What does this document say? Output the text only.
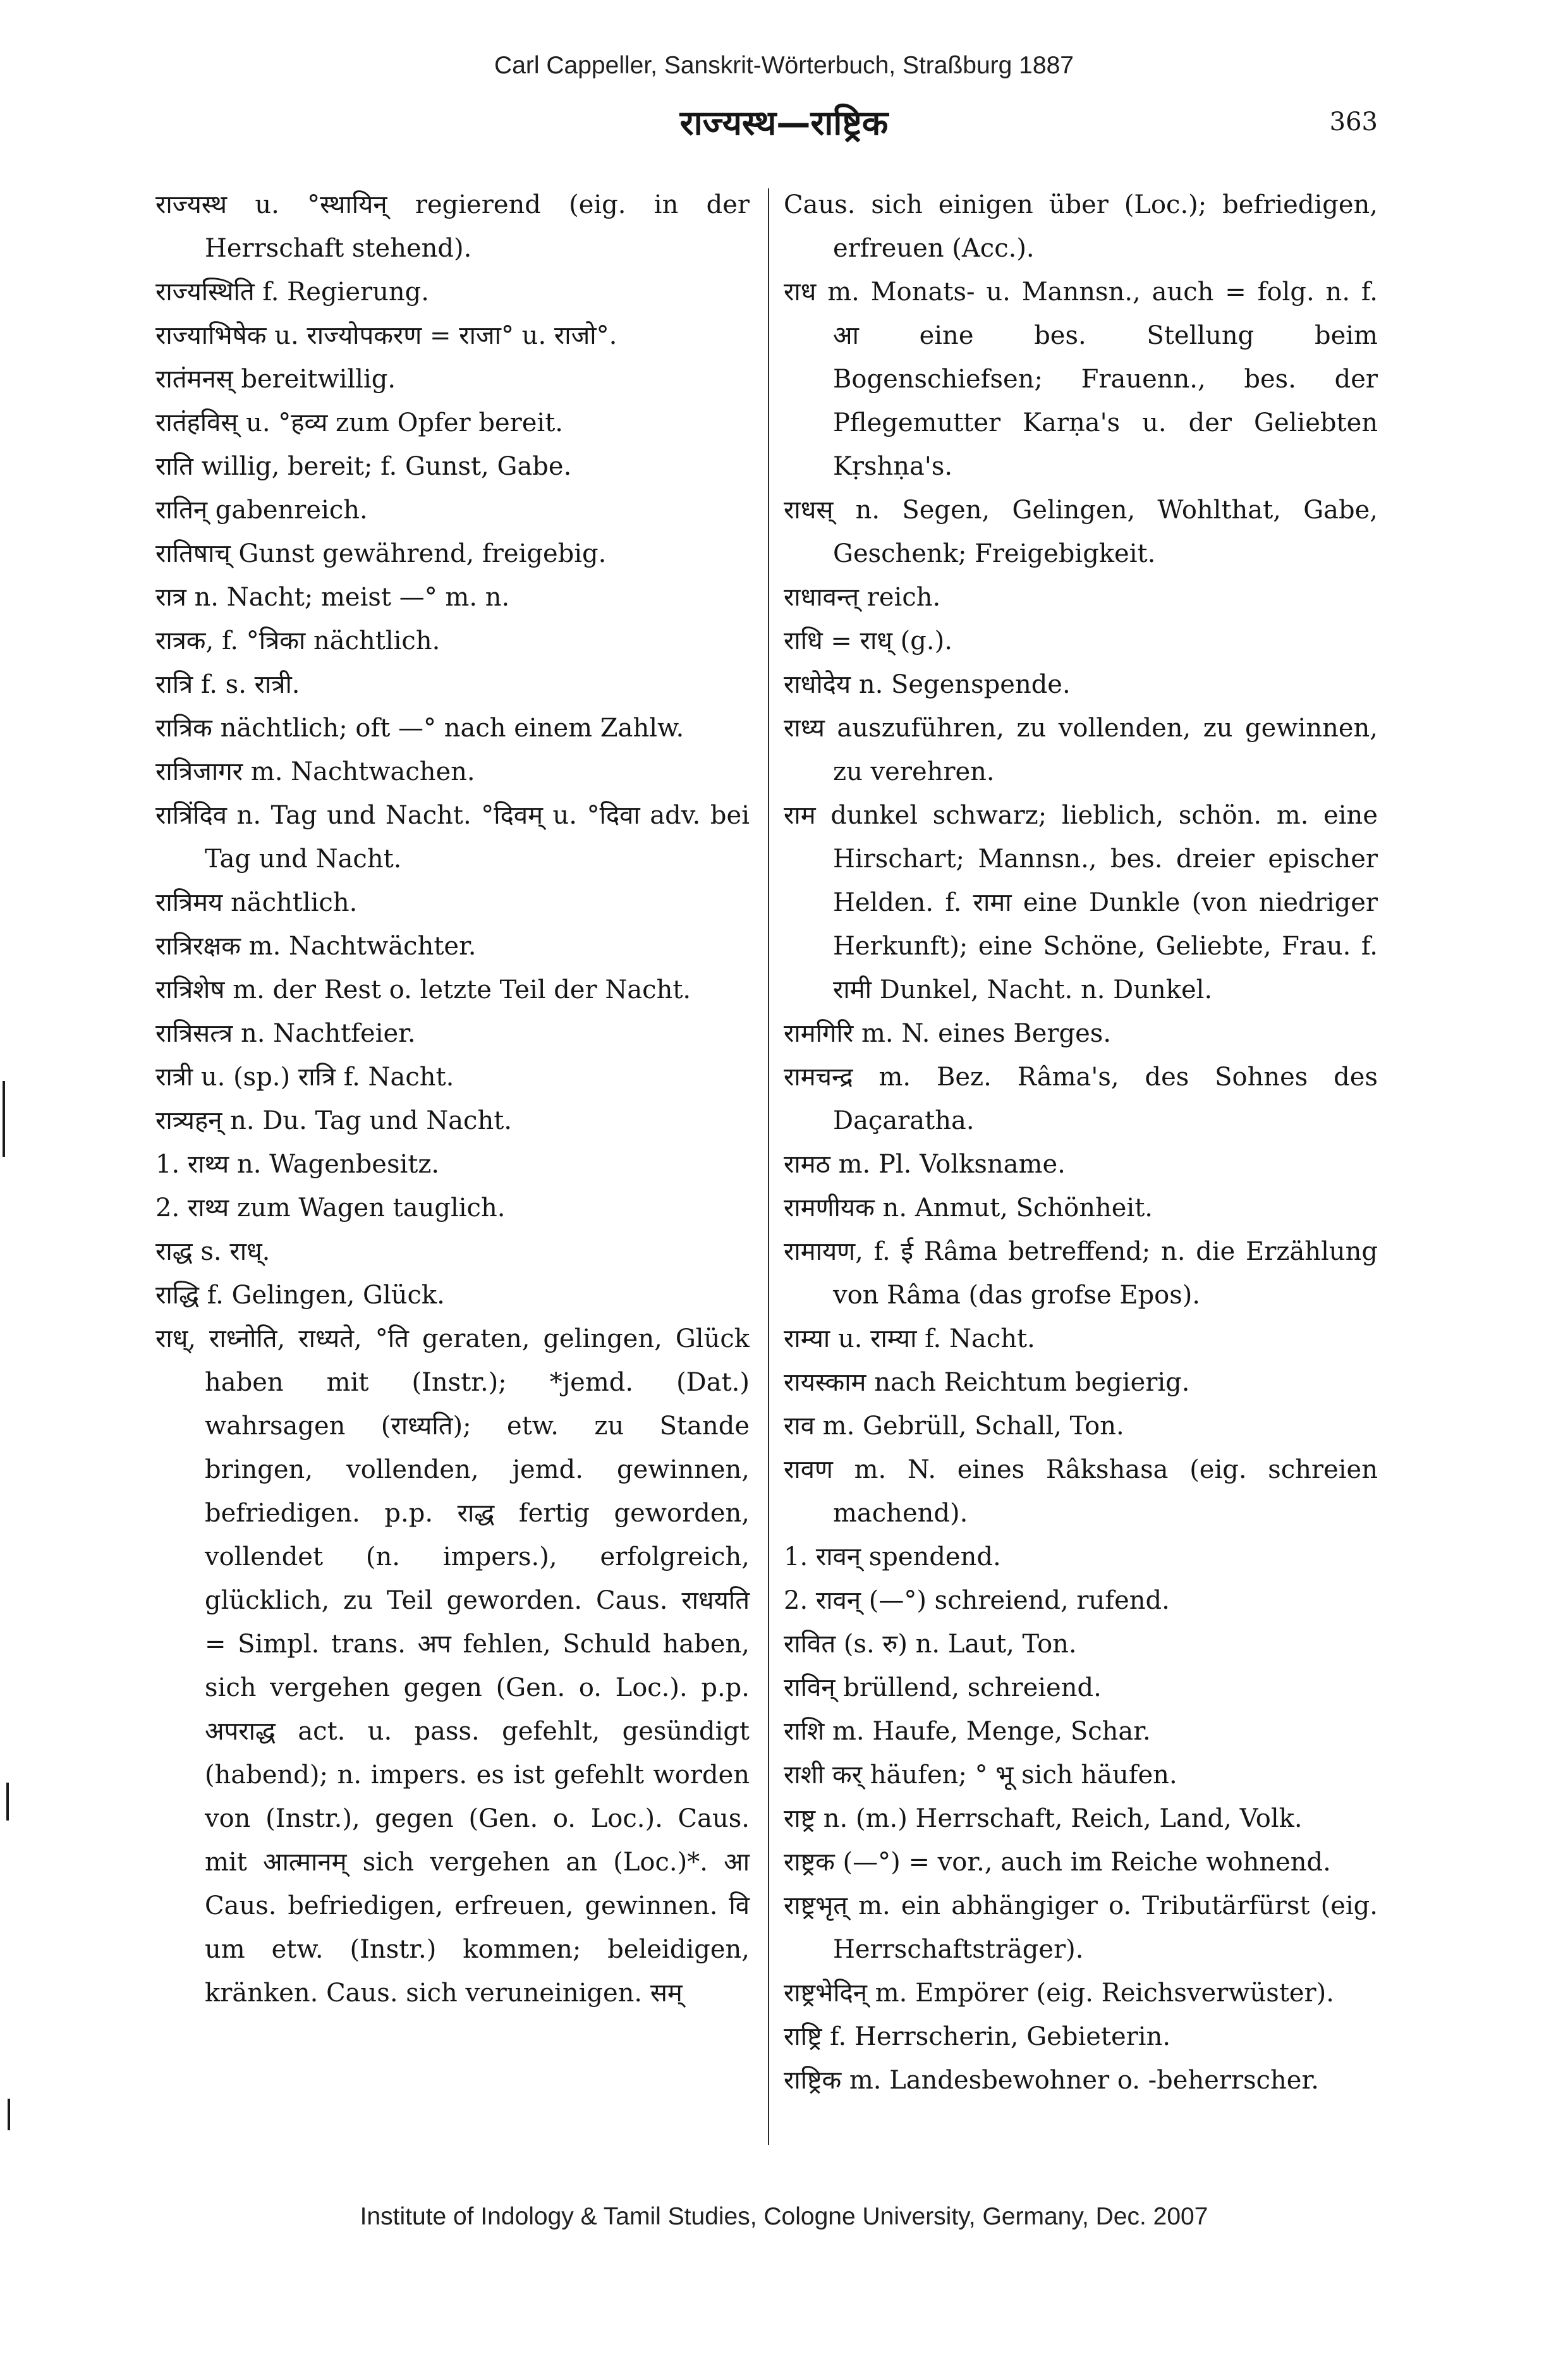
Carl Cappeller, Sanskrit-Wörterbuch, Straßburg 1887
राज्यस्थ—राष्ट्रिक	363
राज्यस्थ u. °स्थायिन् regierend (eig. in der Herrschaft stehend).
राज्यस्थिति f. Regierung.
राज्याभिषेक u. राज्योपकरण = राजा° u. राजो°.
रातंमनस् bereitwillig.
रातंहविस् u. °हव्य zum Opfer bereit.
राति willig, bereit; f. Gunst, Gabe.
रातिन् gabenreich.
रातिषाच् Gunst gewährend, freigebig.
रात्र n. Nacht; meist —° m. n.
रात्रक, f. °त्रिका nächtlich.
रात्रि f. s. रात्री.
रात्रिक nächtlich; oft —° nach einem Zahlw.
रात्रिजागर m. Nachtwachen.
रात्रिंदिव n. Tag und Nacht. °दिवम् u. °दिवा adv. bei Tag und Nacht.
रात्रिमय nächtlich.
रात्रिरक्षक m. Nachtwächter.
रात्रिशेष m. der Rest o. letzte Teil der Nacht.
रात्रिसत्त्र n. Nachtfeier.
रात्री u. (sp.) रात्रि f. Nacht.
रात्र्यहन् n. Du. Tag und Nacht.
1. राथ्य n. Wagenbesitz.
2. राथ्य zum Wagen tauglich.
राद्ध s. राध्.
राद्धि f. Gelingen, Glück.
राध्, राध्नोति, राध्यते, °ति geraten, gelingen, Glück haben mit (Instr.); *jemd. (Dat.) wahrsagen (राध्यति); etw. zu Stande bringen, vollenden, jemd. gewinnen, befriedigen. p.p. राद्ध fertig geworden, vollendet (n. impers.), erfolgreich, glücklich, zu Teil geworden. Caus. राधयति = Simpl. trans. अप fehlen, Schuld haben, sich vergehen gegen (Gen. o. Loc.). p.p. अपराद्ध act. u. pass. gefehlt, gesündigt (habend); n. impers. es ist gefehlt worden von (Instr.), gegen (Gen. o. Loc.). Caus. mit आत्मानम् sich vergehen an (Loc.)*. आ Caus. befriedigen, erfreuen, gewinnen. वि um etw. (Instr.) kommen; beleidigen, kränken. Caus. sich veruneinigen. सम्
Caus. sich einigen über (Loc.); befriedigen, erfreuen (Acc.).
राध m. Monats- u. Mannsn., auch = folg. n. f. आ eine bes. Stellung beim Bogenschiefsen; Frauenn., bes. der Pflegemutter Karṇa's u. der Geliebten Kṛshṇa's.
राधस् n. Segen, Gelingen, Wohlthat, Gabe, Geschenk; Freigebigkeit.
राधावन्त् reich.
राधि = राध् (g.).
राधोदेय n. Segenspende.
राध्य auszuführen, zu vollenden, zu gewinnen, zu verehren.
राम dunkel schwarz; lieblich, schön. m. eine Hirschart; Mannsn., bes. dreier epischer Helden. f. रामा eine Dunkle (von niedriger Herkunft); eine Schöne, Geliebte, Frau. f. रामी Dunkel, Nacht. n. Dunkel.
रामगिरि m. N. eines Berges.
रामचन्द्र m. Bez. Râma's, des Sohnes des Daçaratha.
रामठ m. Pl. Volksname.
रामणीयक n. Anmut, Schönheit.
रामायण, f. ई Râma betreffend; n. die Erzählung von Râma (das grofse Epos).
राम्या u. राम्या f. Nacht.
रायस्काम nach Reichtum begierig.
राव m. Gebrüll, Schall, Ton.
रावण m. N. eines Râkshasa (eig. schreien machend).
1. रावन् spendend.
2. रावन् (—°) schreiend, rufend.
रावित (s. रु) n. Laut, Ton.
राविन् brüllend, schreiend.
राशि m. Haufe, Menge, Schar.
राशी कर् häufen; ° भू sich häufen.
राष्ट्र n. (m.) Herrschaft, Reich, Land, Volk.
राष्ट्रक (—°) = vor., auch im Reiche wohnend.
राष्ट्रभृत् m. ein abhängiger o. Tributärfürst (eig. Herrschaftsträger).
राष्ट्रभेदिन् m. Empörer (eig. Reichsverwüster).
राष्ट्रि f. Herrscherin, Gebieterin.
राष्ट्रिक m. Landesbewohner o. -beherrscher.
Institute of Indology & Tamil Studies, Cologne University, Germany, Dec. 2007
